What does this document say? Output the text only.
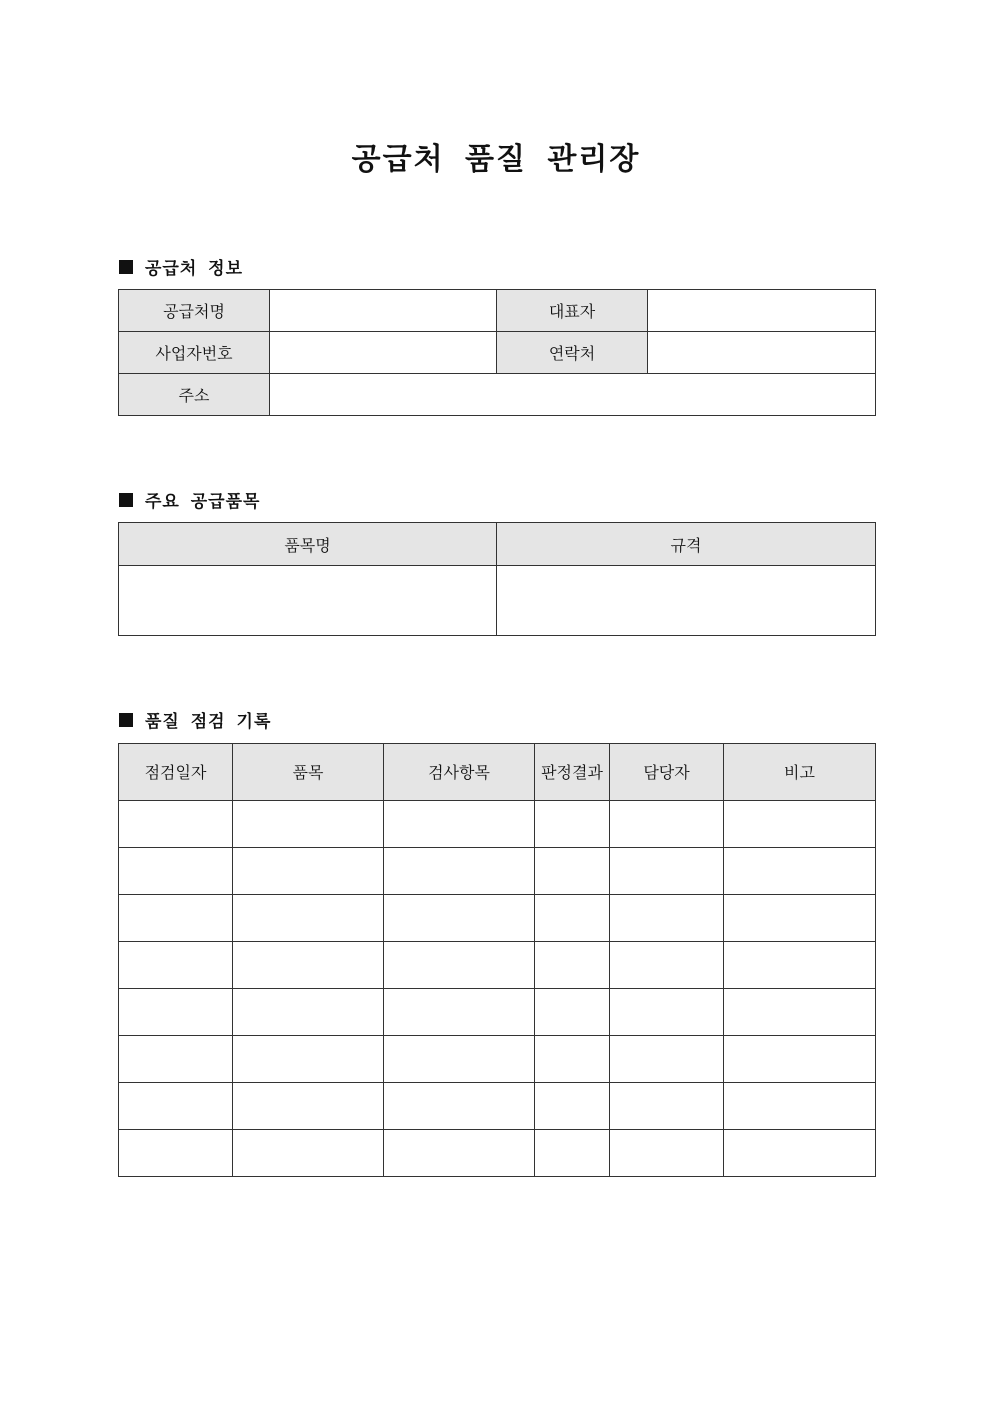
공급처 품질 관리장
공급처 정보
공급처명		대표자	
사업자번호		연락처	
주소			
주요 공급품목
품목명	규격

품질 점검 기록
점검일자	품목	검사항목	판정결과	담당자	비고
